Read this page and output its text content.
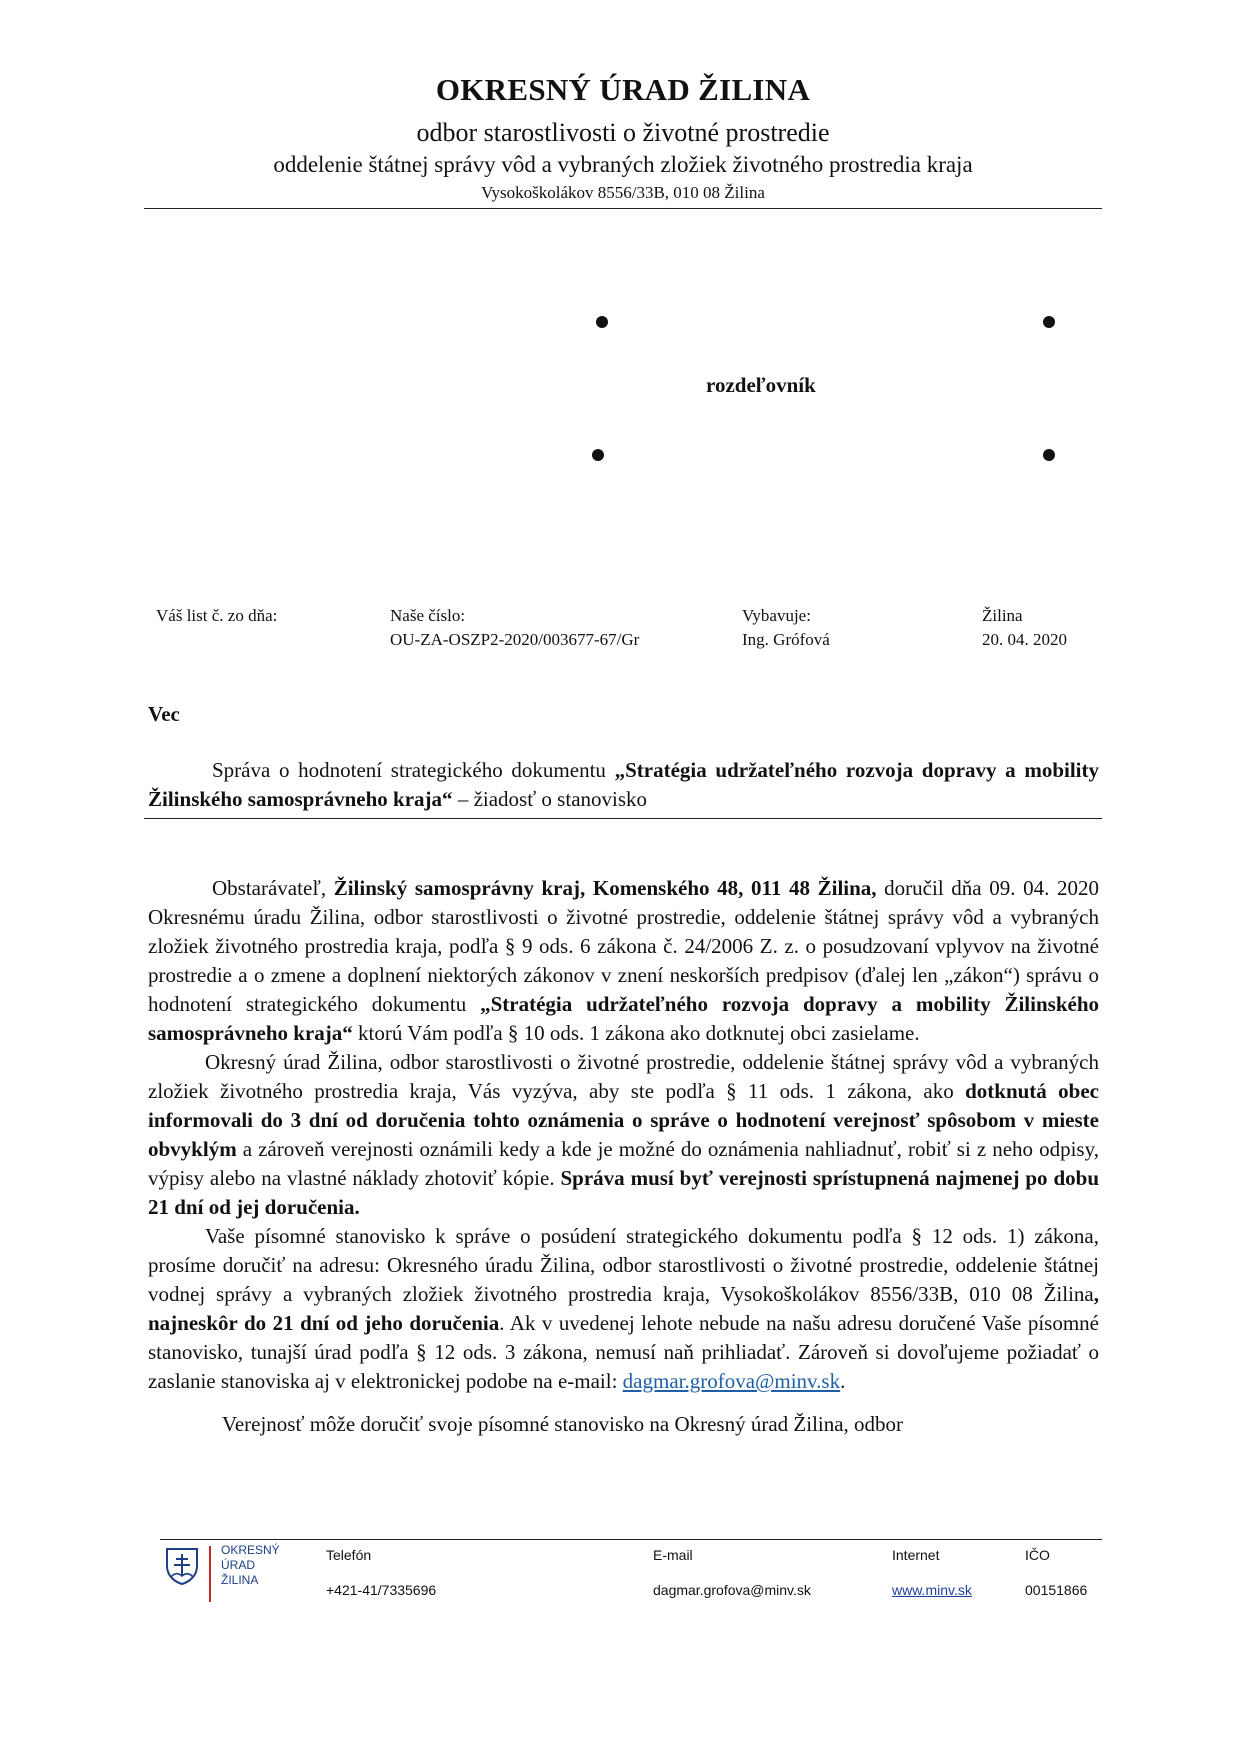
OKRESNÝ ÚRAD ŽILINA
odbor starostlivosti o životné prostredie
oddelenie štátnej správy vôd a vybraných zložiek životného prostredia kraja
Vysokoškolákov 8556/33B, 010 08 Žilina
rozdeľovník
Váš list č. zo dňa:	Naše číslo:
OU-ZA-OSZP2-2020/003677-67/Gr
Vybavuje:
Ing. Grófová
Žilina
20. 04. 2020
Vec
Správa o hodnotení strategického dokumentu „Stratégia udržateľného rozvoja dopravy a mobility Žilinského samosprávneho kraja“ – žiadosť o stanovisko

Obstarávateľ, Žilinský samosprávny kraj, Komenského 48, 011 48 Žilina, doručil dňa 09. 04. 2020 Okresnému úradu Žilina, odbor starostlivosti o životné prostredie, oddelenie štátnej správy vôd a vybraných zložiek životného prostredia kraja, podľa § 9 ods. 6 zákona č. 24/2006 Z. z. o posudzovaní vplyvov na životné prostredie a o zmene a doplnení niektorých zákonov v znení neskorších predpisov (ďalej len „zákon“) správu o hodnotení strategického dokumentu „Stratégia udržateľného rozvoja dopravy a mobility Žilinského samosprávneho kraja“ ktorú Vám podľa § 10 ods. 1 zákona ako dotknutej obci zasielame.

Okresný úrad Žilina, odbor starostlivosti o životné prostredie, oddelenie štátnej správy vôd a vybraných zložiek životného prostredia kraja, Vás vyzýva, aby ste podľa § 11 ods. 1 zákona, ako dotknutá obec informovali do 3 dní od doručenia tohto oznámenia o správe o hodnotení verejnosť spôsobom v mieste obvyklým a zároveň verejnosti oznámili kedy a kde je možné do oznámenia nahliadnuť, robiť si z neho odpisy, výpisy alebo na vlastné náklady zhotoviť kópie. Správa musí byť verejnosti sprístupnená najmenej po dobu 21 dní od jej doručenia.

Vaše písomné stanovisko k správe o posúdení strategického dokumentu podľa § 12 ods. 1) zákona, prosíme doručiť na adresu: Okresného úradu Žilina, odbor starostlivosti o životné prostredie, oddelenie štátnej vodnej správy a vybraných zložiek životného prostredia kraja, Vysokoškolákov 8556/33B, 010 08 Žilina, najneskôr do 21 dní od jeho doručenia. Ak v uvedenej lehote nebude na našu adresu doručené Vaše písomné stanovisko, tunajší úrad podľa § 12 ods. 3 zákona, nemusí naň prihliadať. Zároveň si dovoľujeme požiadať o zaslanie stanoviska aj v elektronickej podobe na e-mail: dagmar.grofova@minv.sk.

Verejnosť môže doručiť svoje písomné stanovisko na Okresný úrad Žilina, odbor

OKRESNÝ
ÚRAD
ŽILINA
Telefón
+421-41/7335696
E-mail
dagmar.grofova@minv.sk
Internet
www.minv.sk
IČO
00151866
